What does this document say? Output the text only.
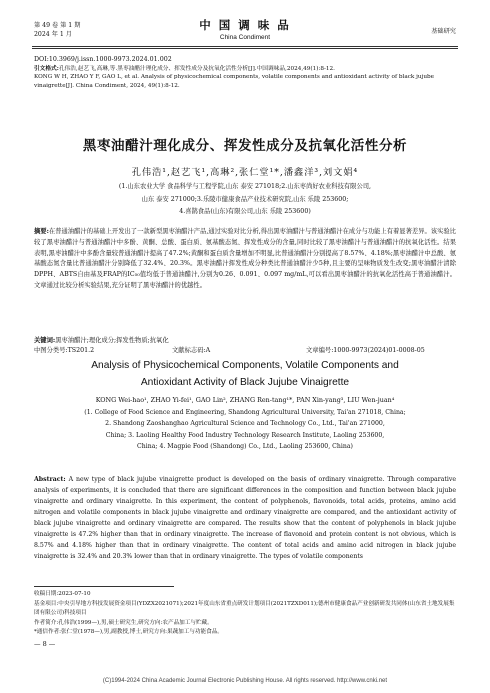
第 49 卷 第 1 期
2024 年 1 月
中 国 调 味 品
China Condiment
基础研究
DOI:10.3969/j.issn.1000-9973.2024.01.002
引文格式:孔伟浩,赵艺飞,高琳,等.黑枣油醋汁理化成分、挥发性成分及抗氧化活性分析[J].中国调味品,2024,49(1):8-12.
KONG W H, ZHAO Y F, GAO L, et al. Analysis of physicochemical components, volatile components and antioxidant activity of black jujube vinaigrette[J]. China Condiment, 2024, 49(1):8-12.
黑枣油醋汁理化成分、挥发性成分及抗氧化活性分析
孔伟浩¹,赵艺飞¹,高琳²,张仁堂¹*,潘鑫洋³,刘文娟⁴
(1.山东农业大学 食品科学与工程学院,山东 泰安 271018;2.山东枣尚好农业科技有限公司,
山东 泰安 271000;3.乐陵市健康食品产业技术研究院,山东 乐陵 253600;
4.喜鹊食品(山东)有限公司,山东 乐陵 253600)
摘要:在普通油醋汁的基础上开发出了一款新型黑枣油醋汁产品,通过实验对比分析,得出黑枣油醋汁与普通油醋汁在成分与功能上有着显著差异。该实验比较了黑枣油醋汁与普通油醋汁中多酚、黄酮、总酸、蛋白质、氨基酸态氮、挥发性成分的含量,同时比较了黑枣油醋汁与普通油醋汁的抗氧化活性。结果表明,黑枣油醋汁中多酚含量较普通油醋汁提高了47.2%;黄酮和蛋白质含量增加不明显,比普通油醋汁分别提高了8.57%、4.18%;黑枣油醋汁中总酸、氨基酸态氮含量比普通油醋汁分别降低了32.4%、20.3%。黑枣油醋汁挥发性成分种类比普通油醋汁少5种,且主要的呈味物质发生改变;黑枣油醋汁清除DPPH、ABTS自由基及FRAP的IC₅₀值均低于普通油醋汁,分别为0.26、0.091、0.097 mg/mL,可以看出黑枣油醋汁的抗氧化活性高于普通油醋汁。文章通过比较分析实验结果,充分证明了黑枣油醋汁的优越性。
关键词:黑枣油醋汁;理化成分;挥发性物质;抗氧化
中图分类号:TS201.2	文献标志码:A	文章编号:1000-9973(2024)01-0008-05
Analysis of Physicochemical Components, Volatile Components and
Antioxidant Activity of Black Jujube Vinaigrette
KONG Wei-hao¹, ZHAO Yi-fei¹, GAO Lin², ZHANG Ren-tang¹*, PAN Xin-yang³, LIU Wen-juan⁴
(1. College of Food Science and Engineering, Shandong Agricultural University, Tai'an 271018, China;
2. Shandong Zaoshanghao Agricultural Science and Technology Co., Ltd., Tai'an 271000,
China; 3. Laoling Healthy Food Industry Technology Research Institute, Laoling 253600,
China; 4. Magpie Food (Shandong) Co., Ltd., Laoling 253600, China)
Abstract: A new type of black jujube vinaigrette product is developed on the basis of ordinary vinaigrette. Through comparative analysis of experiments, it is concluded that there are significant differences in the composition and function between black jujube vinaigrette and ordinary vinaigrette. In this experiment, the content of polyphenols, flavonoids, total acids, proteins, amino acid nitrogen and volatile components in black jujube vinaigrette and ordinary vinaigrette are compared, and the antioxidant activity of black jujube vinaigrette and ordinary vinaigrette are compared. The results show that the content of polyphenols in black jujube vinaigrette is 47.2% higher than that in ordinary vinaigrette. The increase of flavonoid and protein content is not obvious, which is 8.57% and 4.18% higher than that in ordinary vinaigrette. The content of total acids and amino acid nitrogen in black jujube vinaigrette is 32.4% and 20.3% lower than that in ordinary vinaigrette. The types of volatile components
收稿日期:2023-07-10
基金项目:中央引导地方科技发展资金项目(YDZX2021071);2021年度山东省重点研发计划项目(2021TZXD011);德州市健康食品产业创新研发共同体(山东省土地发展集团有限公司)科技项目
作者简介:孔伟浩(1999—),男,硕士研究生,研究方向:农产品加工与贮藏。
*通信作者:张仁堂(1978—),男,副教授,博士,研究方向:果蔬加工与功能食品。
— 8 —
(C)1994-2024 China Academic Journal Electronic Publishing House. All rights reserved. http://www.cnki.net
